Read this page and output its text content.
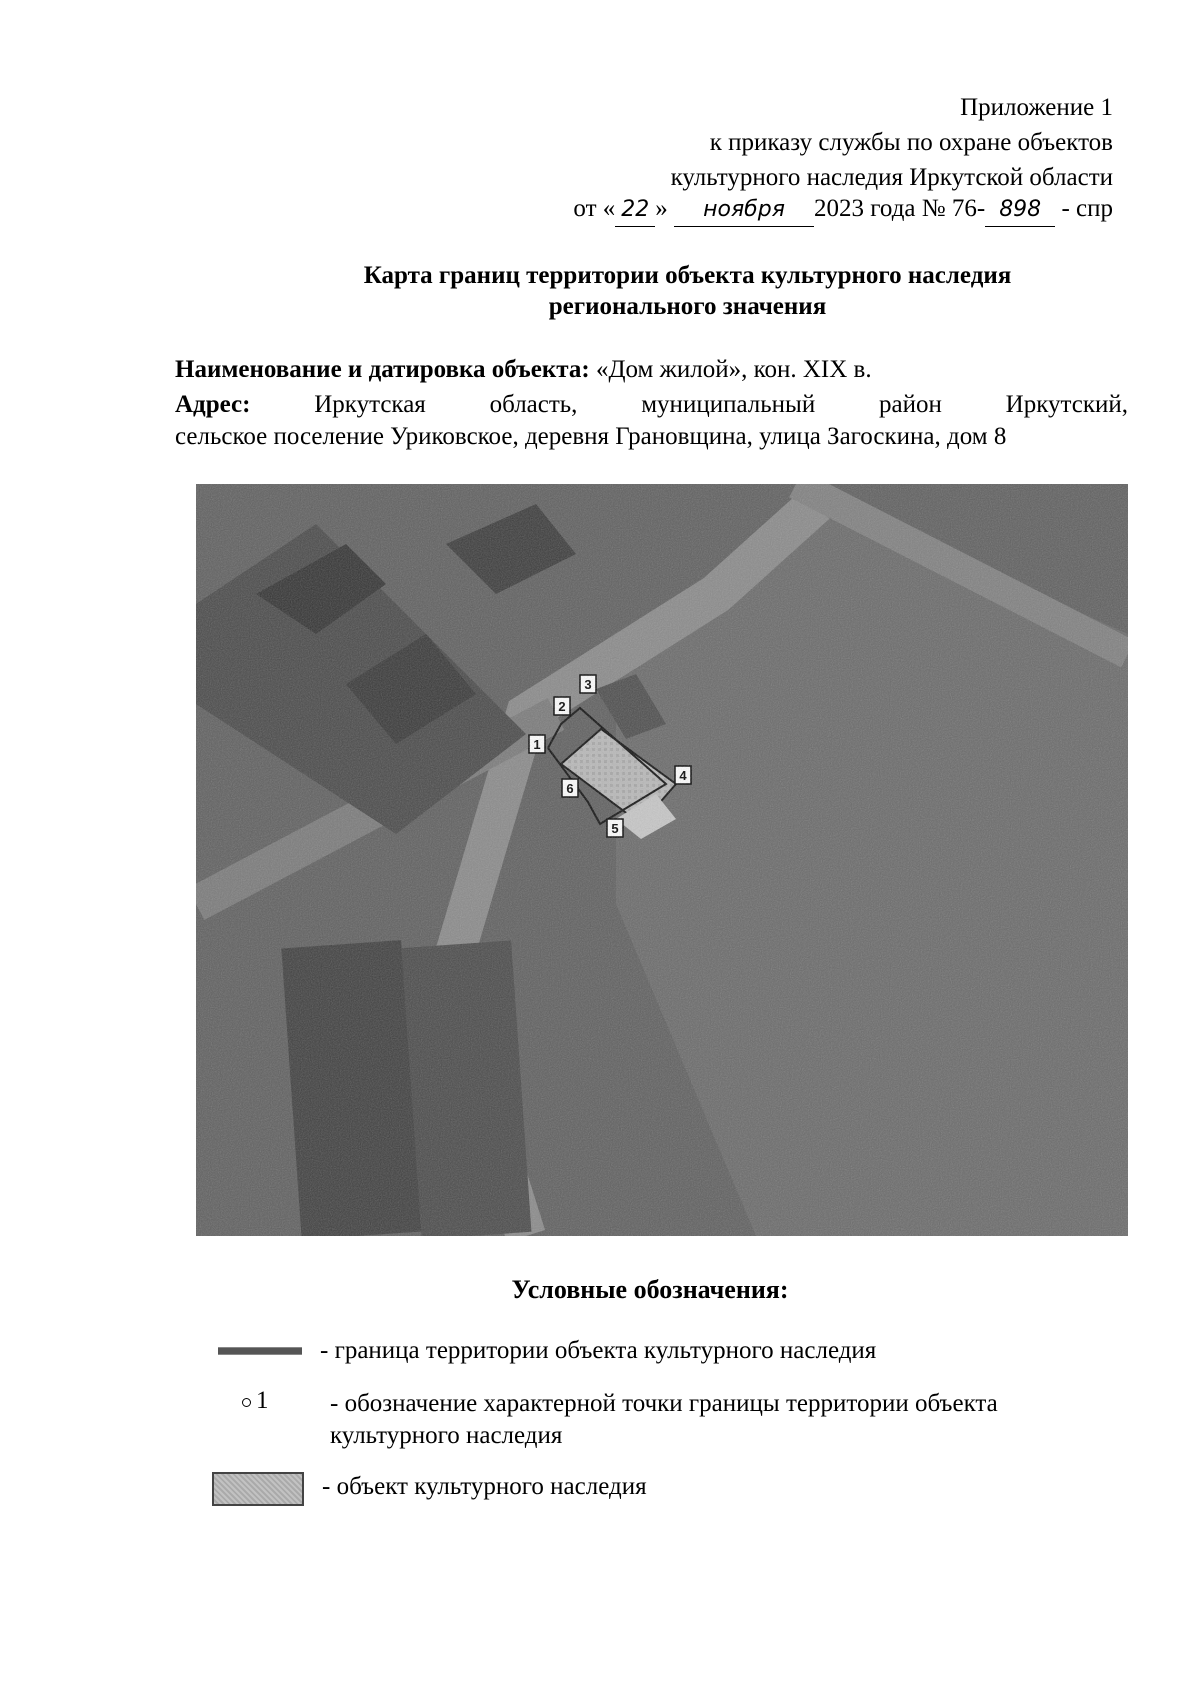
Приложение 1
к приказу службы по охране объектов
культурного наследия Иркутской области
от « 22 » ноября 2023 года № 76- 898 - спр
Карта границ территории объекта культурного наследия
регионального значения
Наименование и датировка объекта: «Дом жилой», кон. XIX в.
Адрес:	Иркутская область, муниципальный район Иркутский,
сельское поселение Уриковское, деревня Грановщина, улица Загоскина, дом 8
Условные обозначения:
- граница территории объекта культурного наследия
1 - обозначение характерной точки границы территории объекта
культурного наследия
- объект культурного наследия
